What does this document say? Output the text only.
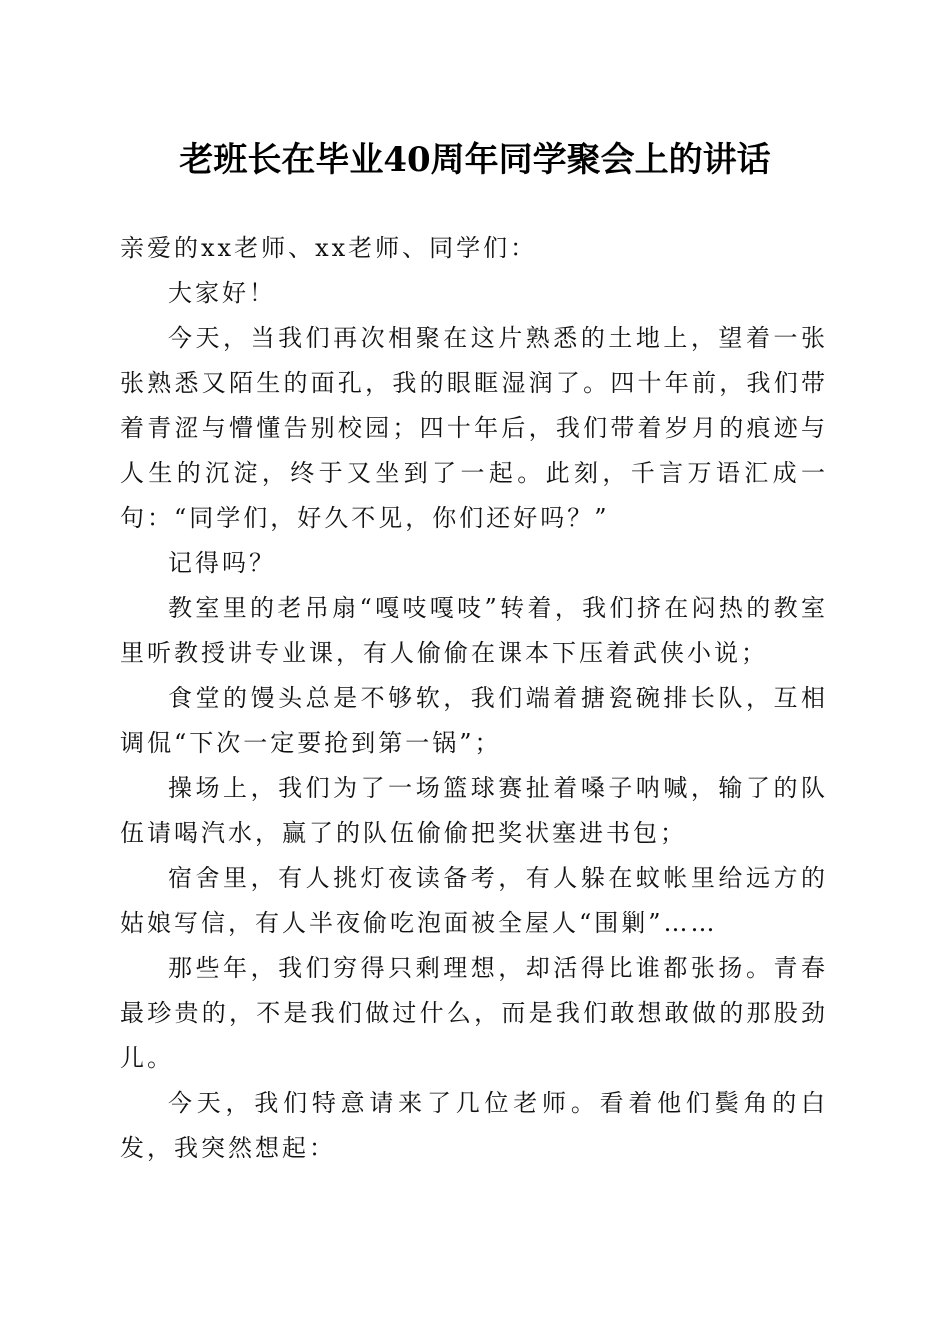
老班长在毕业40周年同学聚会上的讲话

亲爱的xx老师、xx老师、同学们：

大家好！

今天，当我们再次相聚在这片熟悉的土地上，望着一张张熟悉又陌生的面孔，我的眼眶湿润了。四十年前，我们带着青涩与懵懂告别校园；四十年后，我们带着岁月的痕迹与人生的沉淀，终于又坐到了一起。此刻，千言万语汇成一句：“同学们，好久不见，你们还好吗？”

记得吗？

教室里的老吊扇“嘎吱嘎吱”转着，我们挤在闷热的教室里听教授讲专业课，有人偷偷在课本下压着武侠小说；

食堂的馒头总是不够软，我们端着搪瓷碗排长队，互相调侃“下次一定要抢到第一锅”；

操场上，我们为了一场篮球赛扯着嗓子呐喊，输了的队伍请喝汽水，赢了的队伍偷偷把奖状塞进书包；

宿舍里，有人挑灯夜读备考，有人躲在蚊帐里给远方的姑娘写信，有人半夜偷吃泡面被全屋人“围剿”……

那些年，我们穷得只剩理想，却活得比谁都张扬。青春最珍贵的，不是我们做过什么，而是我们敢想敢做的那股劲儿。

今天，我们特意请来了几位老师。看着他们鬓角的白发，我突然想起：
